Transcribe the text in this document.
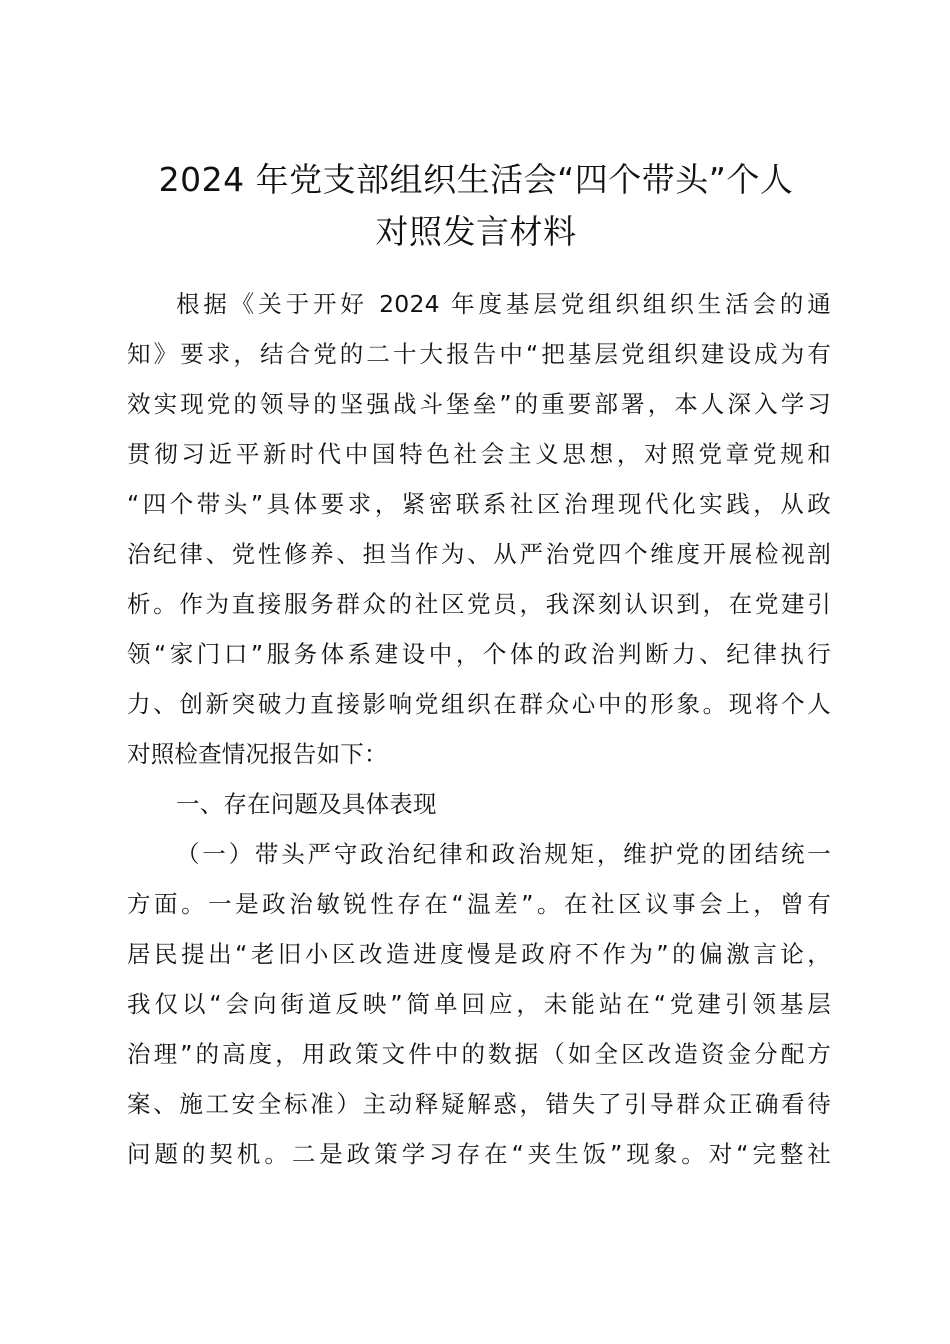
2024 年党支部组织生活会“四个带头”个人
对照发言材料
根据《关于开好 2024 年度基层党组织组织生活会的通
知》要求，结合党的二十大报告中“把基层党组织建设成为有
效实现党的领导的坚强战斗堡垒”的重要部署，本人深入学习
贯彻习近平新时代中国特色社会主义思想，对照党章党规和
“四个带头”具体要求，紧密联系社区治理现代化实践，从政
治纪律、党性修养、担当作为、从严治党四个维度开展检视剖
析。作为直接服务群众的社区党员，我深刻认识到，在党建引
领“家门口”服务体系建设中，个体的政治判断力、纪律执行
力、创新突破力直接影响党组织在群众心中的形象。现将个人
对照检查情况报告如下：
一、存在问题及具体表现
（一）带头严守政治纪律和政治规矩，维护党的团结统一
方面。一是政治敏锐性存在“温差”。在社区议事会上，曾有
居民提出“老旧小区改造进度慢是政府不作为”的偏激言论，
我仅以“会向街道反映”简单回应，未能站在“党建引领基层
治理”的高度，用政策文件中的数据（如全区改造资金分配方
案、施工安全标准）主动释疑解惑，错失了引导群众正确看待
问题的契机。二是政策学习存在“夹生饭”现象。对“完整社
